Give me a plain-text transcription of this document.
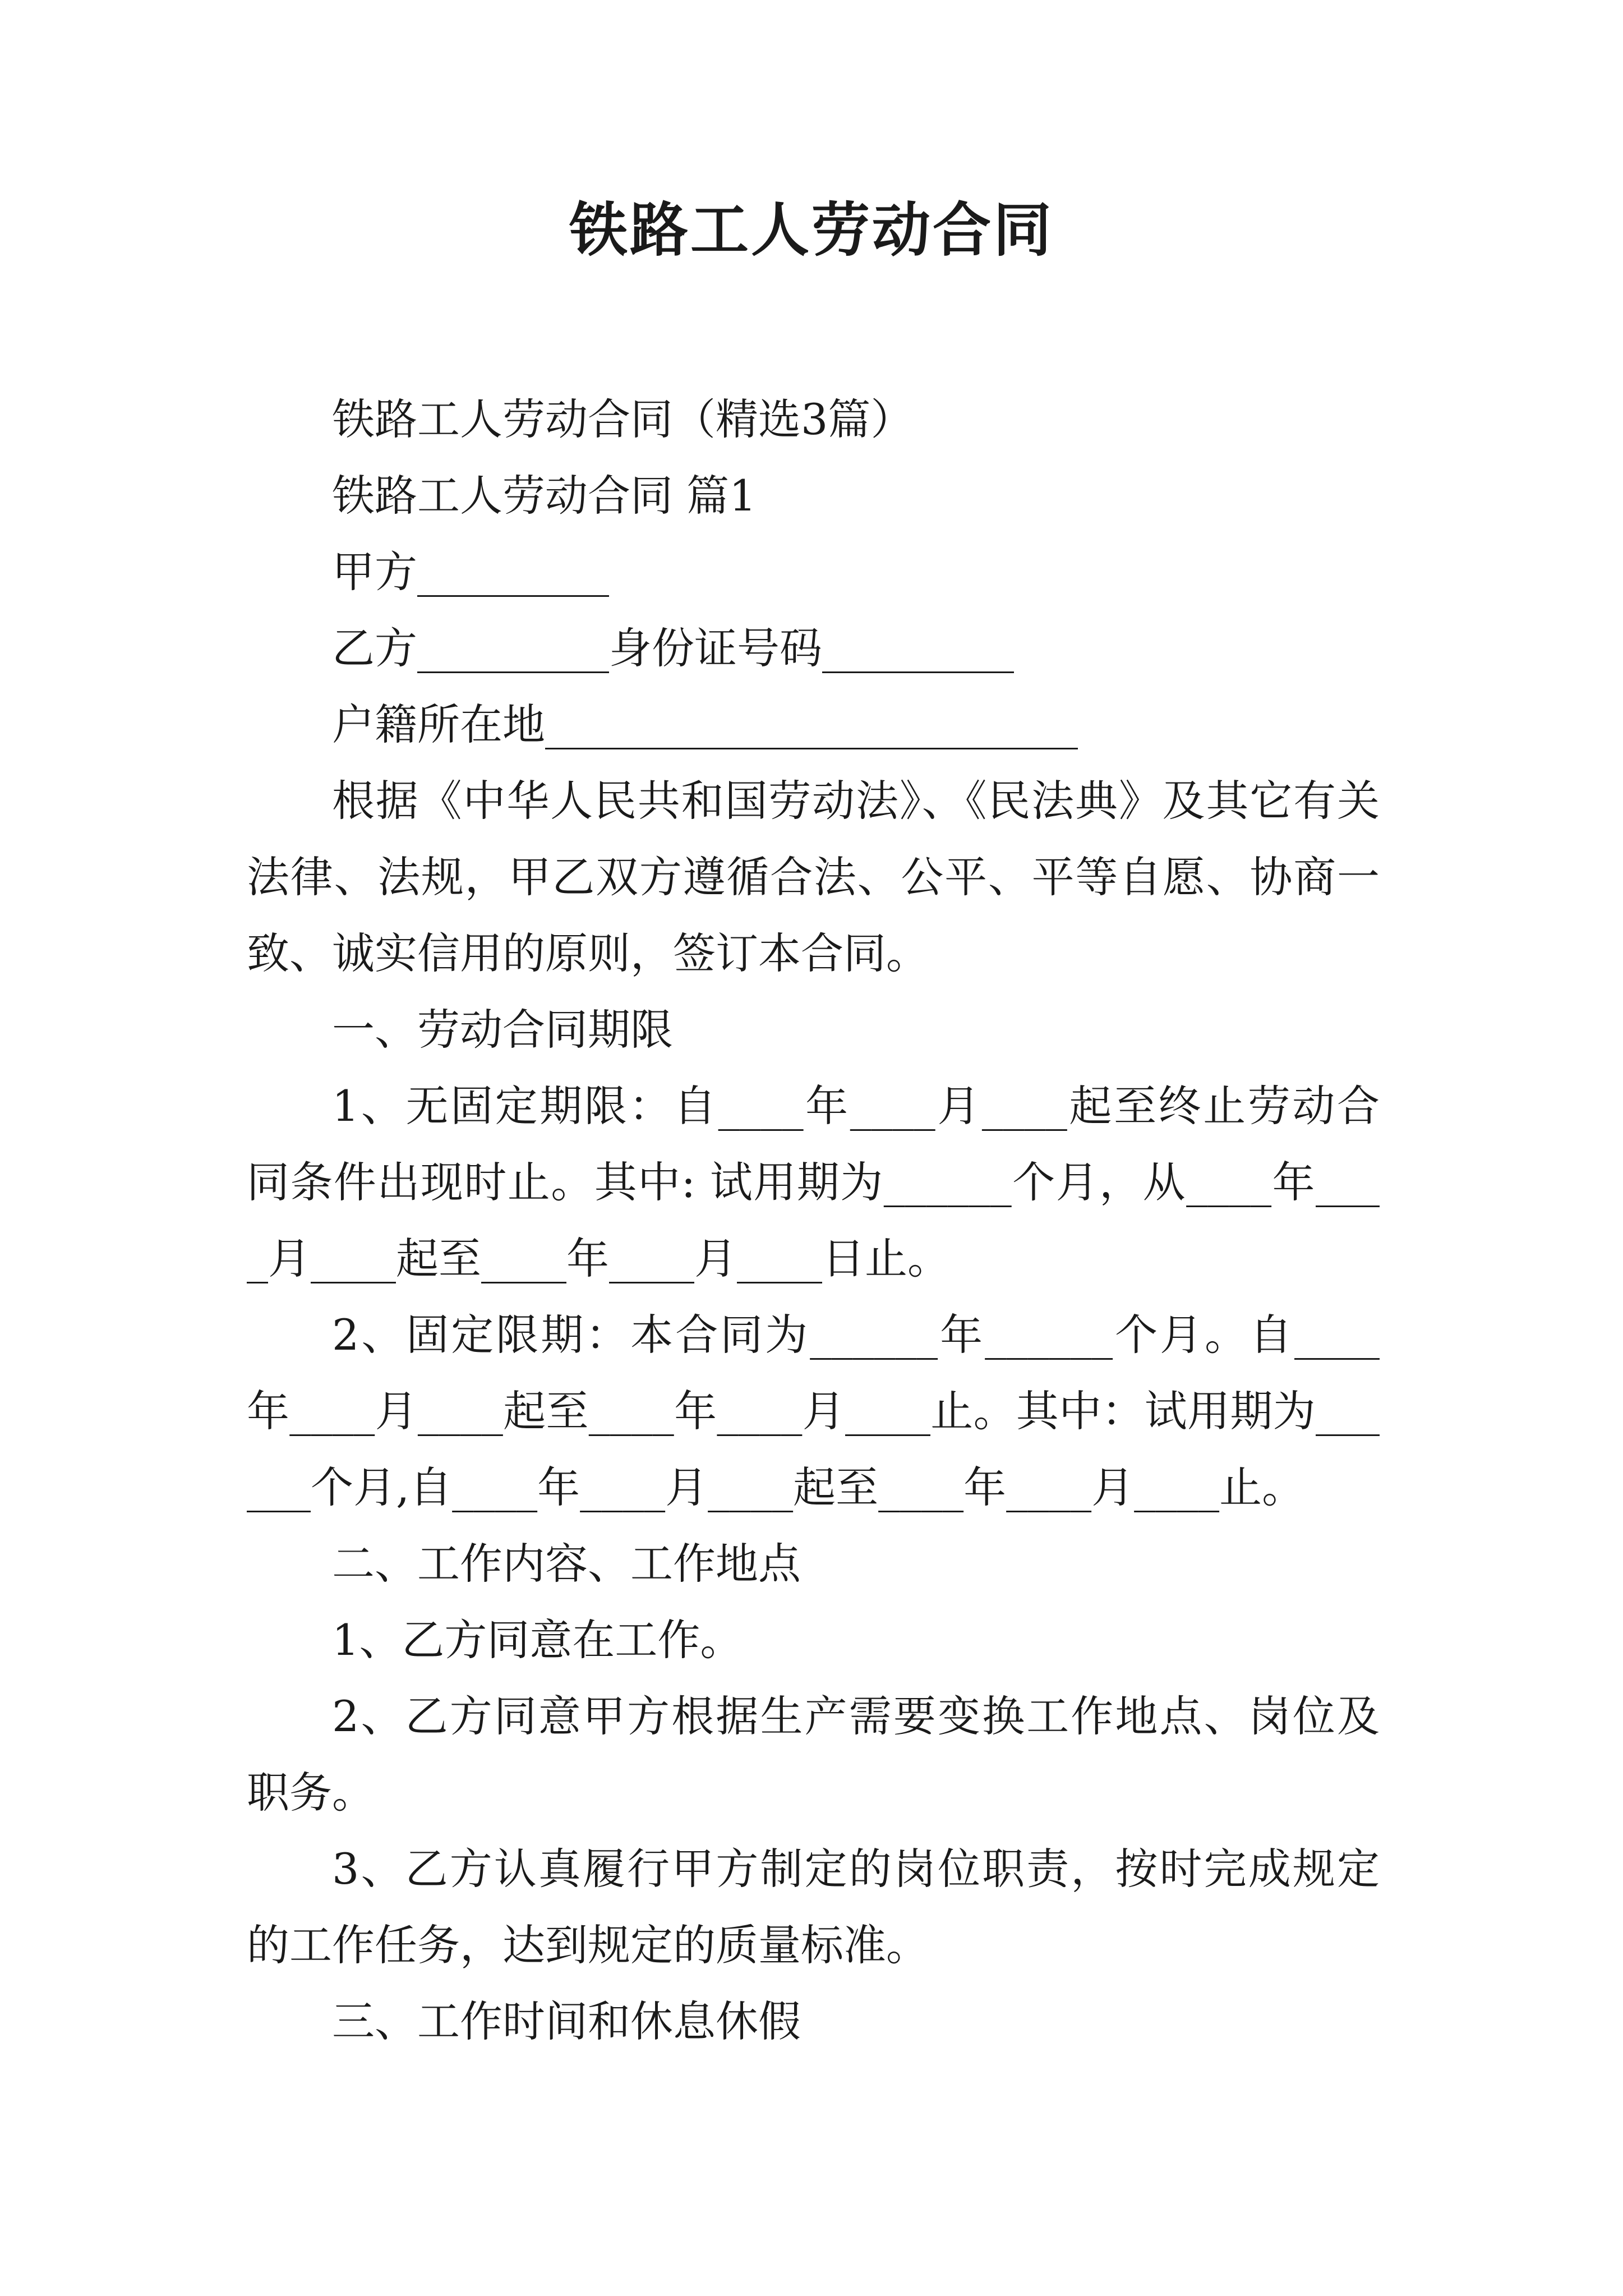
铁路工人劳动合同

铁路工人劳动合同（精选3篇）

铁路工人劳动合同 篇1

甲方_________

乙方_________身份证号码_________

户籍所在地_________________________

根据《中华人民共和国劳动法》、《民法典》及其它有关法律、法规，甲乙双方遵循合法、公平、平等自愿、协商一致、诚实信用的原则，签订本合同。

一、劳动合同期限

1、无固定期限：自____年____月____起至终止劳动合同条件出现时止。其中: 试用期为______个月，从____年____月____起至____年____月____日止。

2、固定限期：本合同为______年______个月。自____年____月____起至____年____月____止。其中：试用期为______个月,自____年____月____起至____年____月____止。

二、工作内容、工作地点

1、乙方同意在工作。

2、乙方同意甲方根据生产需要变换工作地点、岗位及职务。

3、乙方认真履行甲方制定的岗位职责，按时完成规定的工作任务，达到规定的质量标准。

三、工作时间和休息休假
